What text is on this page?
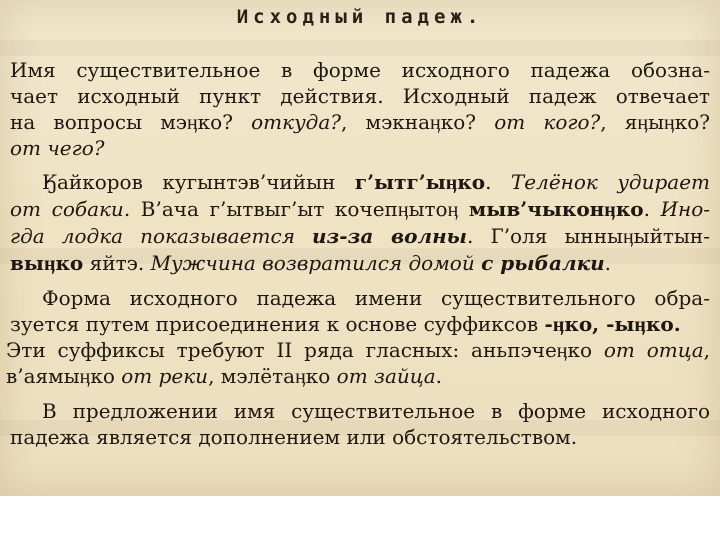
Исходный падеж.
Имя существительное в форме исходного падежа обозна-
чает исходный пункт действия. Исходный падеж отвечает
на вопросы мэӊко? откуда?, мэкнаӊко? от кого?, яӊыӊко?
от чего?
Ӄайкоров кугынтэв’чийын г’ытг’ыӊко. Телёнок удирает
от собаки. В’ача г’ытвыг’ыт кочепӊытоӊ мыв’чыконӊко. Ино-
гда лодка показывается из-за волны. Г’оля ынныӊыйтын-
выӊко яйтэ. Мужчина возвратился домой с рыбалки.
Форма исходного падежа имени существительного обра-
зуется путем присоединения к основе суффиксов -ӊко, -ыӊко.
Эти суффиксы требуют II ряда гласных: аньпэчеӊко от отца,
в’аямыӊко от реки, мэлётаӊко от зайца.
В предложении имя существительное в форме исходного
падежа является дополнением или обстоятельством.
